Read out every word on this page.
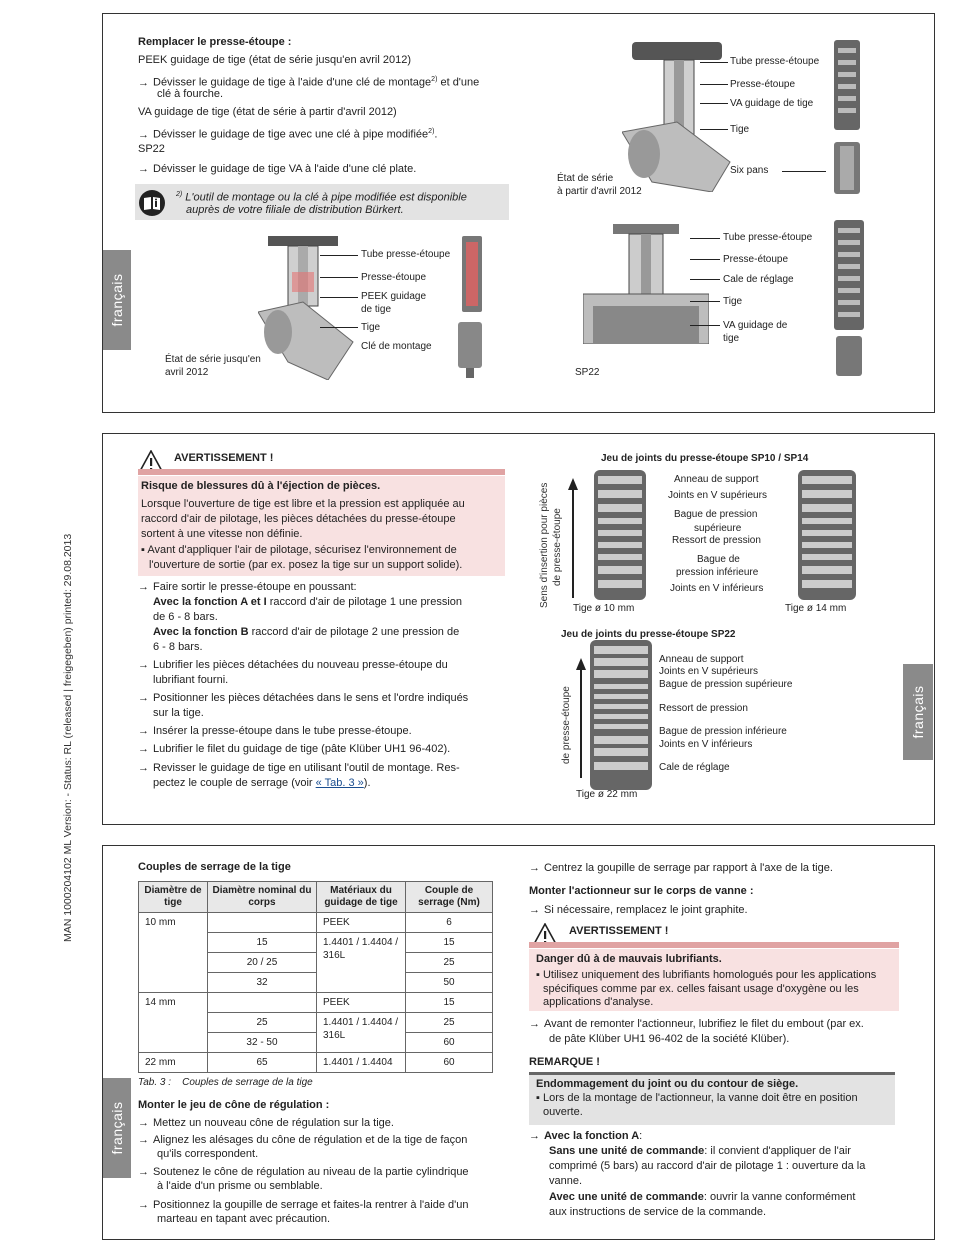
MAN 1000204102 ML Version: - Status: RL (released | freigegeben) printed: 29.08.2013
français
Remplacer le presse-étoupe :
PEEK guidage de tige (état de série jusqu'en avril 2012)
→ Dévisser le guidage de tige à l'aide d'une clé de montage$^{2)}$ et d'une
clé à fourche.
VA guidage de tige (état de série à partir d'avril 2012)
→ Dévisser le guidage de tige avec une clé à pipe modifiée$^{2)}$.
SP22
→ Dévisser le guidage de tige VA à l'aide d'une clé plate.
$^{2)}$ L'outil de montage ou la clé à pipe modifiée est disponible
auprès de votre filiale de distribution Bürkert.
Tube presse-étoupe
Presse-étoupe
PEEK guidage
de tige
Tige
Clé de montage
État de série jusqu'en
avril 2012
Tube presse-étoupe
Presse-étoupe
VA guidage de tige
Tige
Six pans
État de série
à partir d'avril 2012
Tube presse-étoupe
Presse-étoupe
Cale de réglage
Tige
VA guidage de
tige
SP22
français
AVERTISSEMENT !
Risque de blessures dû à l'éjection de pièces.
Lorsque l'ouverture de tige est libre et la pression est appliquée au
raccord d'air de pilotage, les pièces détachées du presse-étoupe
sortent à une vitesse non définie.
▪ Avant d'appliquer l'air de pilotage, sécurisez l'environnement de
l'ouverture de sortie (par ex. posez la tige sur un support solide).
→ Faire sortir le presse-étoupe en poussant:
Avec la fonction A et I raccord d'air de pilotage 1 une pression
de 6 - 8 bars.
Avec la fonction B raccord d'air de pilotage 2 une pression de
6 - 8 bars.
→ Lubrifier les pièces détachées du nouveau presse-étoupe du
lubrifiant fourni.
→ Positionner les pièces détachées dans le sens et l'ordre indiqués
sur la tige.
→ Insérer la presse-étoupe dans le tube presse-étoupe.
→ Lubrifier le filet du guidage de tige (pâte Klüber UH1 96-402).
→ Revisser le guidage de tige en utilisant l'outil de montage. Res-
pectez le couple de serrage (voir « Tab. 3 »).
Jeu de joints du presse-étoupe SP10 / SP14
Sens d'insertion pour pièces de presse-étoupe
Anneau de support
Joints en V supérieurs
Bague de pression
supérieure
Ressort de pression
Bague de
pression inférieure
Joints en V inférieurs
Tige ø 10 mm	Tige ø 14 mm
Jeu de joints du presse-étoupe SP22
de presse-étoupe
Anneau de support
Joints en V supérieurs
Bague de pression supérieure
Ressort de pression
Bague de pression inférieure
Joints en V inférieurs
Cale de réglage
Tige ø 22 mm
français
Couples de serrage de la tige
Diamètre de tige	Diamètre nominal du corps	Matériaux du guidage de tige	Couple de serrage (Nm)
10 mm		PEEK	6
	15	1.4401 / 1.4404 / 316L	15
	20 / 25		25
	32		50
14 mm		PEEK	15
	25	1.4401 / 1.4404 / 316L	25
	32 - 50		60
22 mm	65	1.4401 / 1.4404	60
Tab. 3 :    Couples de serrage de la tige
Monter le jeu de cône de régulation :
→ Mettez un nouveau cône de régulation sur la tige.
→ Alignez les alésages du cône de régulation et de la tige de façon
qu'ils correspondent.
→ Soutenez le cône de régulation au niveau de la partie cylindrique
à l'aide d'un prisme ou semblable.
→ Positionnez la goupille de serrage et faites-la rentrer à l'aide d'un
marteau en tapant avec précaution.
→ Centrez la goupille de serrage par rapport à l'axe de la tige.
Monter l'actionneur sur le corps de vanne :
→ Si nécessaire, remplacez le joint graphite.
AVERTISSEMENT !
Danger dû à de mauvais lubrifiants.
▪ Utilisez uniquement des lubrifiants homologués pour les applications
spécifiques comme par ex. celles faisant usage d'oxygène ou les
applications d'analyse.
→ Avant de remonter l'actionneur, lubrifiez le filet du embout (par ex.
de pâte Klüber UH1 96-402 de la société Klüber).
REMARQUE !
Endommagement du joint ou du contour de siège.
▪ Lors de la montage de l'actionneur, la vanne doit être en position
ouverte.
→ Avec la fonction A:
Sans une unité de commande: il convient d'appliquer de l'air
comprimé (5 bars) au raccord d'air de pilotage 1 : ouverture da la
vanne.
Avec une unité de commande: ouvrir la vanne conformément
aux instructions de service de la commande.
